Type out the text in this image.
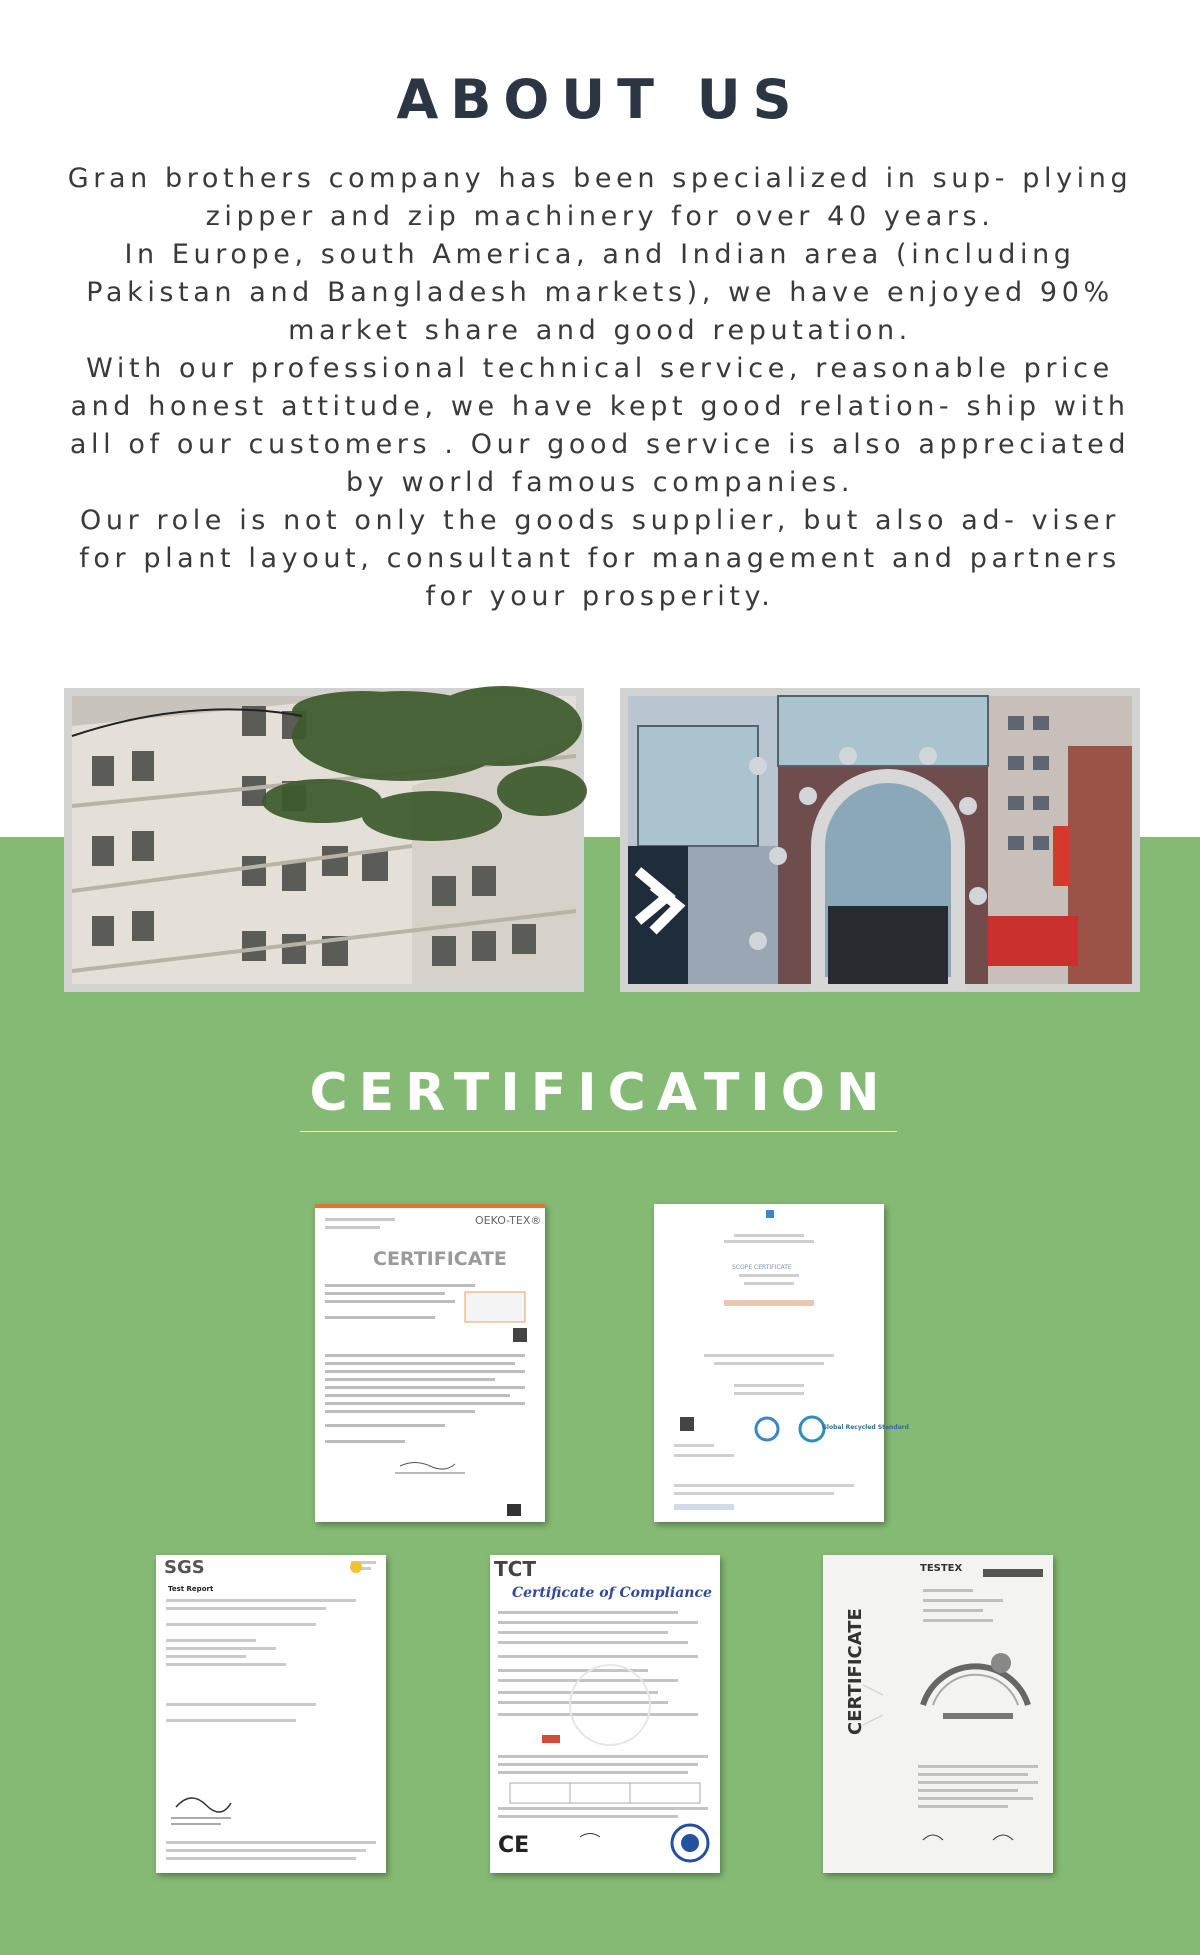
ABOUT US

Gran brothers company has been specialized in sup- plying zipper and zip machinery for over 40 years.

In Europe, south America, and Indian area (including Pakistan and Bangladesh markets), we have enjoyed 90% market share and good reputation.

With our professional technical service, reasonable price and honest attitude, we have kept good relation- ship with all of our customers . Our good service is also appreciated by world famous companies.

Our role is not only the goods supplier, but also ad- viser for plant layout, consultant for management and partners for your prosperity.

CERTIFICATION
OEKO-TEX®
CERTIFICATE	SCOPE CERTIFICATE
Global Recycled Standard
SGS
Test Report
TCT
Certificate of Compliance
CE
TESTEX
CERTIFICATE
